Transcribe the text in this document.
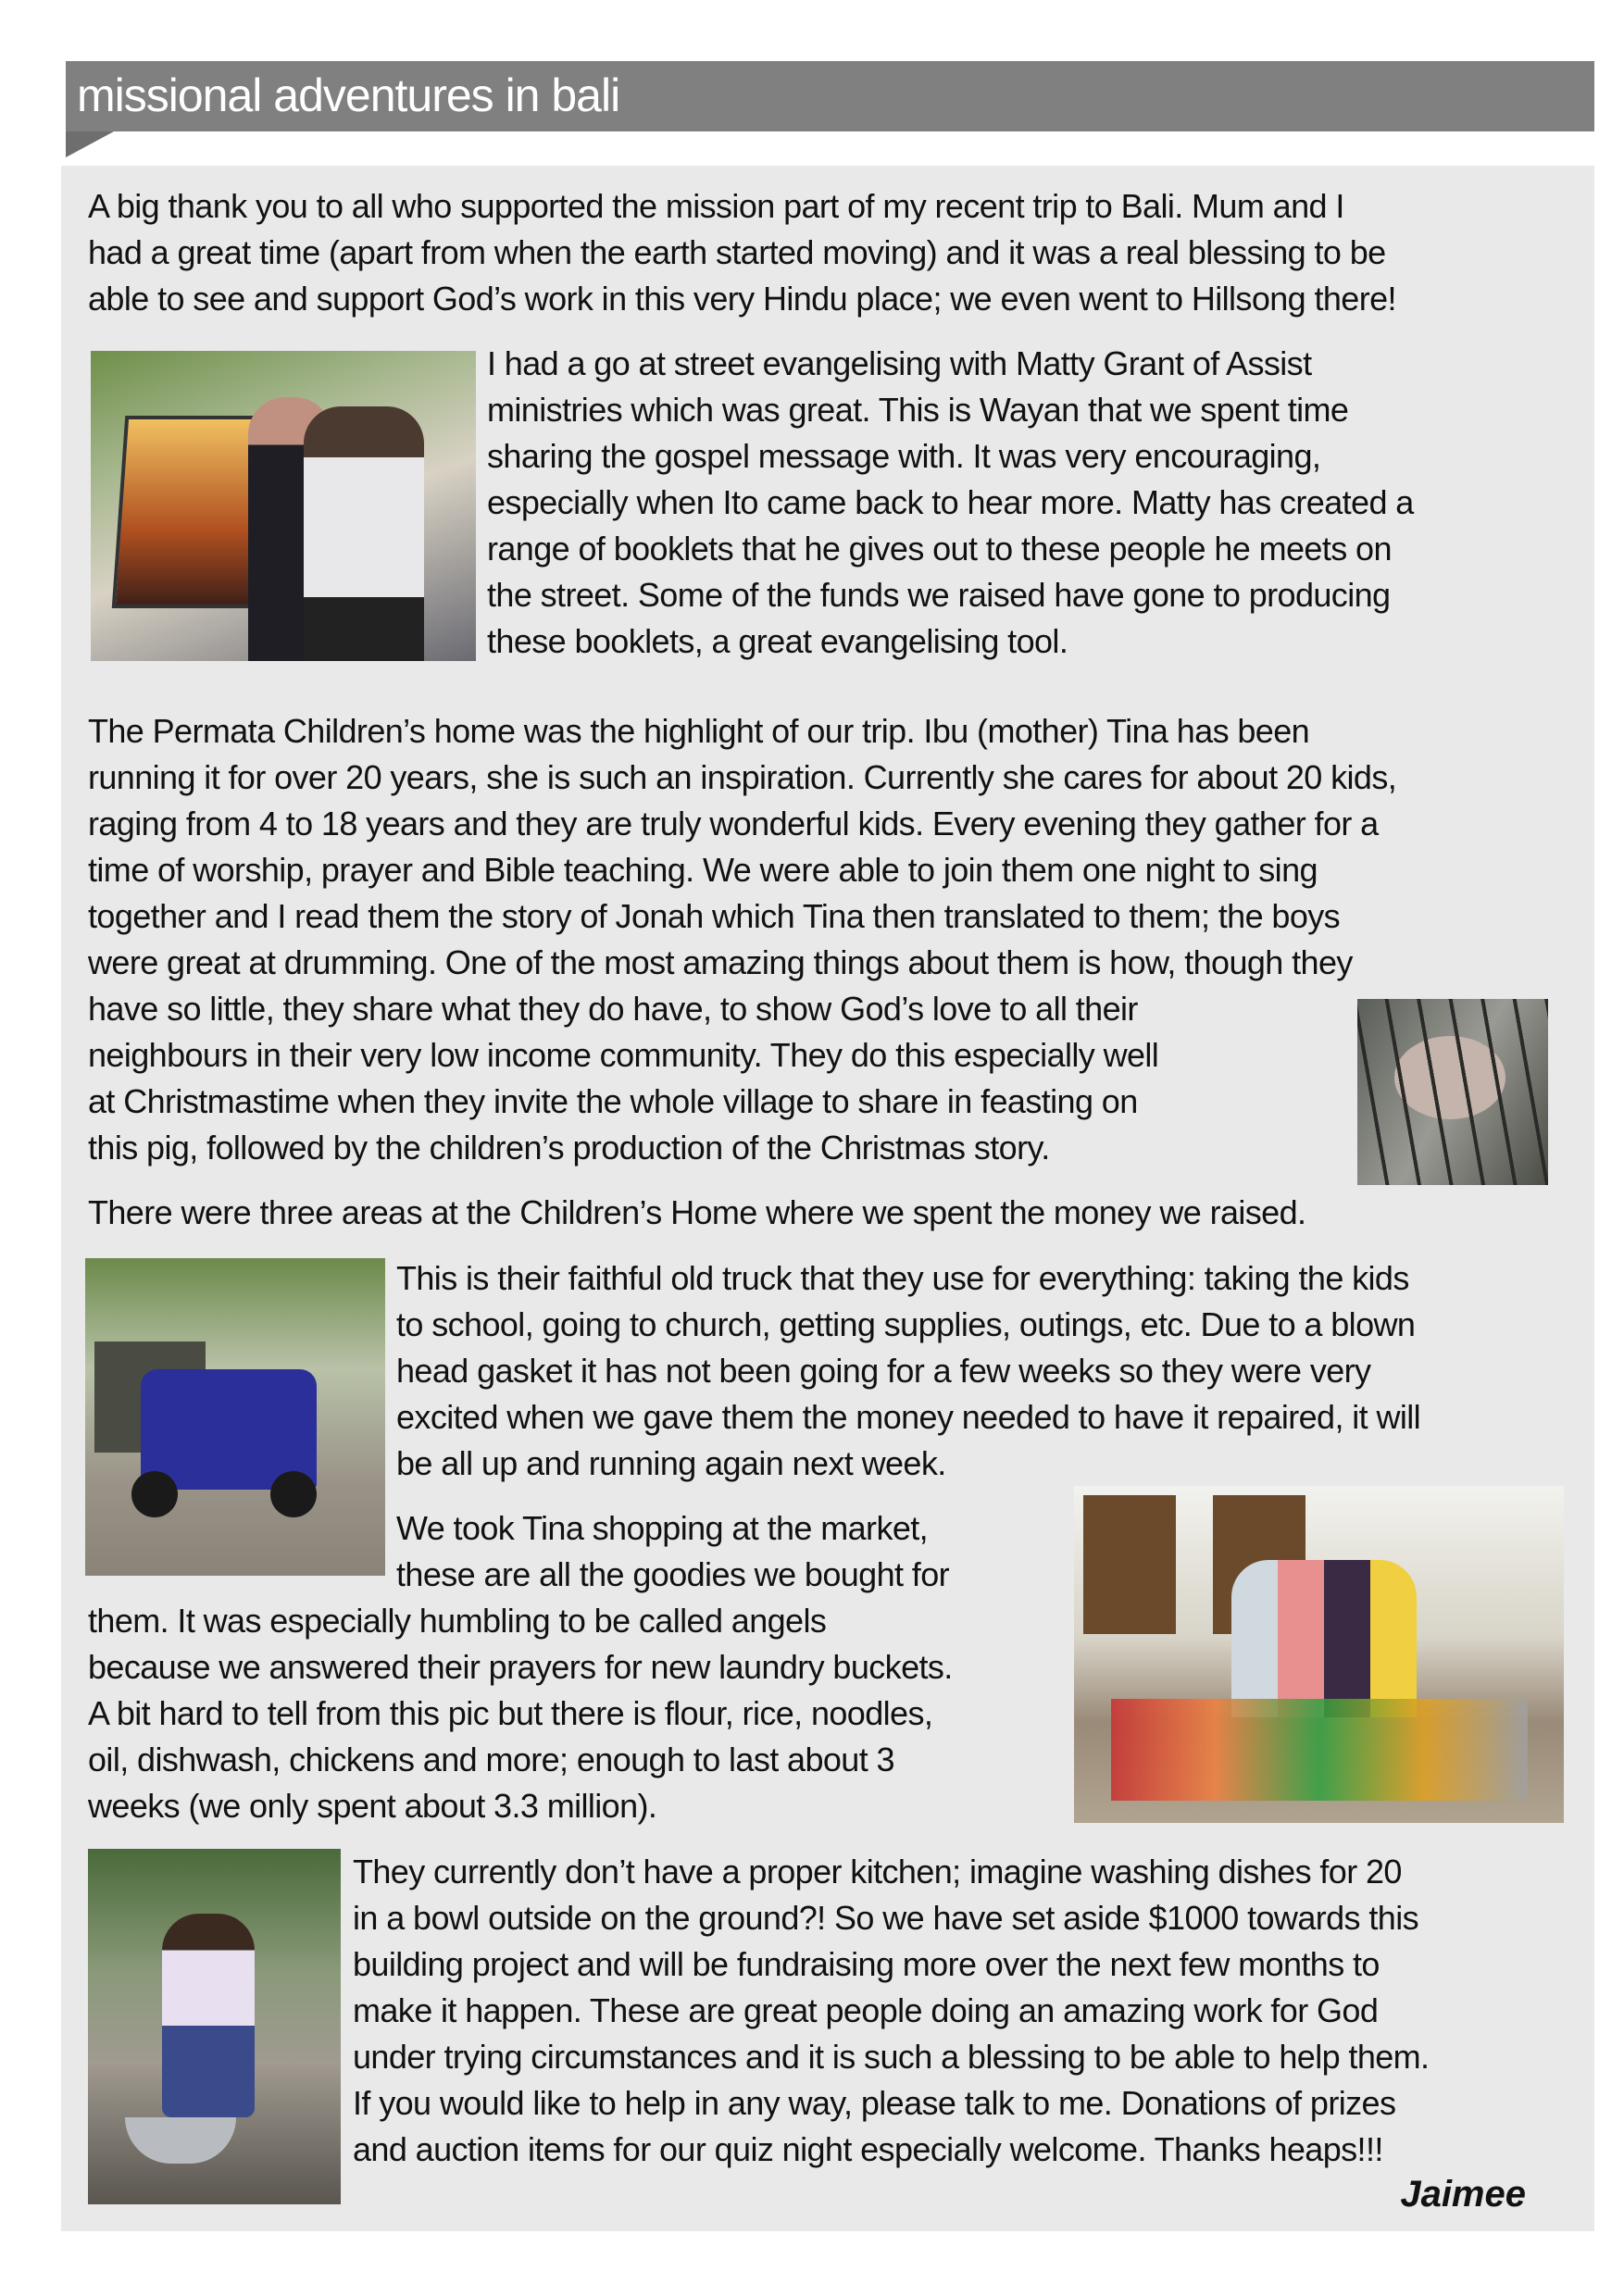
missional adventures in bali
A big thank you to all who supported the mission part of my recent trip to Bali. Mum and I
had a great time (apart from when the earth started moving) and it was a real blessing to be
able to see and support God’s work in this very Hindu place; we even went to Hillsong there!
I had a go at street evangelising with Matty Grant of Assist
ministries which was great. This is Wayan that we spent time
sharing the gospel message with. It was very encouraging,
especially when Ito came back to hear more. Matty has created a
range of booklets that he gives out to these people he meets on
the street. Some of the funds we raised have gone to producing
these booklets, a great evangelising tool.
The Permata Children’s home was the highlight of our trip. Ibu (mother) Tina has been
running it for over 20 years, she is such an inspiration. Currently she cares for about 20 kids,
raging from 4 to 18 years and they are truly wonderful kids. Every evening they gather for a
time of worship, prayer and Bible teaching. We were able to join them one night to sing
together and I read them the story of Jonah which Tina then translated to them; the boys
were great at drumming. One of the most amazing things about them is how, though they
have so little, they share what they do have, to show God’s love to all their
neighbours in their very low income community. They do this especially well
at Christmastime when they invite the whole village to share in feasting on
this pig, followed by the children’s production of the Christmas story.
There were three areas at the Children’s Home where we spent the money we raised.
This is their faithful old truck that they use for everything: taking the kids
to school, going to church, getting supplies, outings, etc. Due to a blown
head gasket it has not been going for a few weeks so they were very
excited when we gave them the money needed to have it repaired, it will
be all up and running again next week.
We took Tina shopping at the market,
these are all the goodies we bought for
them. It was especially humbling to be called angels
because we answered their prayers for new laundry buckets.
A bit hard to tell from this pic but there is flour, rice, noodles,
oil, dishwash, chickens and more; enough to last about 3
weeks (we only spent about 3.3 million).
They currently don’t have a proper kitchen; imagine washing dishes for 20
in a bowl outside on the ground?! So we have set aside $1000 towards this
building project and will be fundraising more over the next few months to
make it happen. These are great people doing an amazing work for God
under trying circumstances and it is such a blessing to be able to help them.
If you would like to help in any way, please talk to me. Donations of prizes
and auction items for our quiz night especially welcome. Thanks heaps!!!
Jaimee
